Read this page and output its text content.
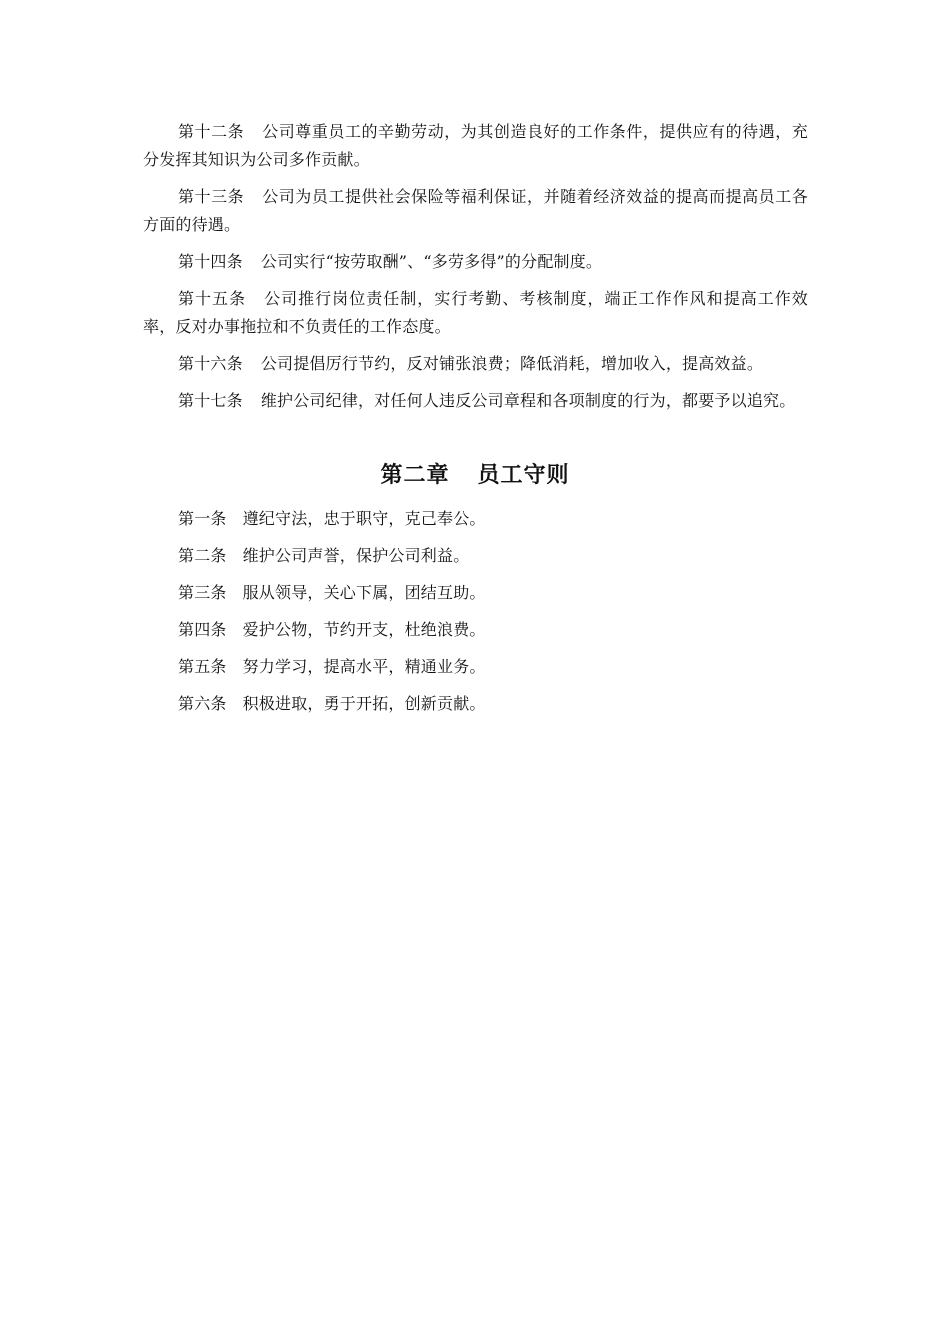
第十二条 公司尊重员工的辛勤劳动，为其创造良好的工作条件，提供应有的待遇，充分发挥其知识为公司多作贡献。

第十三条 公司为员工提供社会保险等福利保证，并随着经济效益的提高而提高员工各方面的待遇。

第十四条 公司实行“按劳取酬”、“多劳多得”的分配制度。

第十五条 公司推行岗位责任制，实行考勤、考核制度，端正工作作风和提高工作效率，反对办事拖拉和不负责任的工作态度。

第十六条 公司提倡厉行节约，反对铺张浪费；降低消耗，增加收入，提高效益。

第十七条 维护公司纪律，对任何人违反公司章程和各项制度的行为，都要予以追究。

第二章 员工守则

第一条 遵纪守法，忠于职守，克己奉公。

第二条 维护公司声誉，保护公司利益。

第三条 服从领导，关心下属，团结互助。

第四条 爱护公物，节约开支，杜绝浪费。

第五条 努力学习，提高水平，精通业务。

第六条 积极进取，勇于开拓，创新贡献。
